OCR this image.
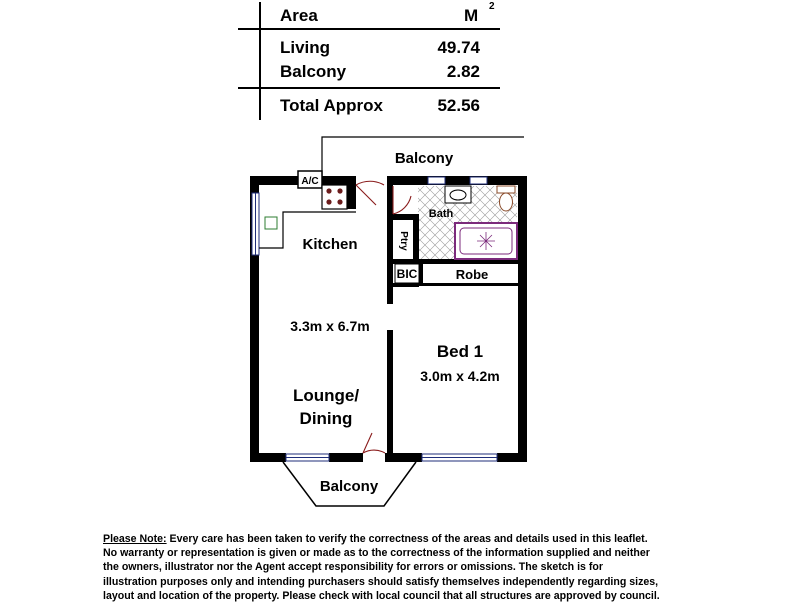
Area	M 2
Living	49.74
Balcony	2.82
Total Approx	52.56
Balcony
A/C
Bath
Ptry
BIC	Robe
Kitchen
3.3m x 6.7m
Lounge/
Dining
Bed 1
3.0m x 4.2m
Balcony

Please Note: Every care has been taken to verify the correctness of the areas and details used in this leaflet.

No warranty or representation is given or made as to the correctness of the information supplied and neither

the owners, illustrator nor the Agent accept responsibility for errors or omissions. The sketch is for

illustration purposes only and intending purchasers should satisfy themselves independently regarding sizes,

layout and location of the property. Please check with local council that all structures are approved by council.
